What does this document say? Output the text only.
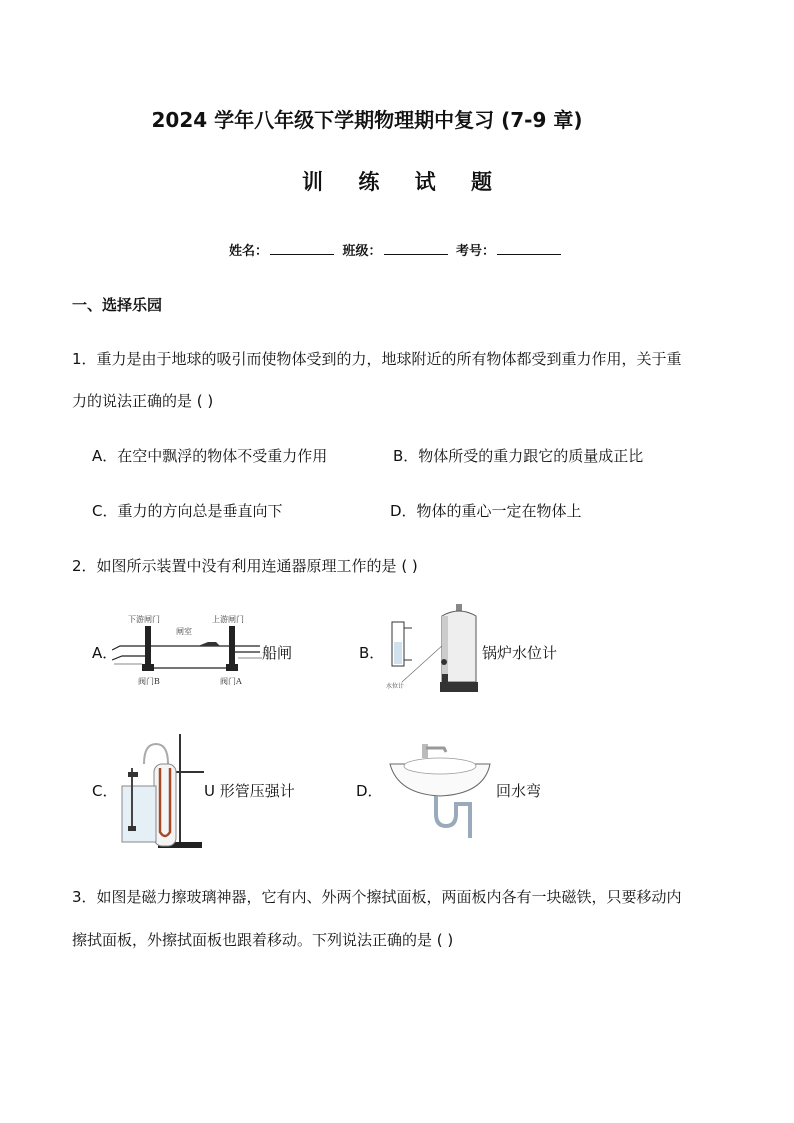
2024 学年八年级下学期物理期中复习 (7-9 章)
训 练 试 题
姓名：	班级：	考号：
一、选择乐园
1．重力是由于地球的吸引而使物体受到的力，地球附近的所有物体都受到重力作用，关于重
力的说法正确的是 ( )
A．在空中飘浮的物体不受重力作用	B．物体所受的重力跟它的质量成正比
C．重力的方向总是垂直向下	D．物体的重心一定在物体上
2．如图所示装置中没有利用连通器原理工作的是 ( )
A．
下游闸门	上游闸门
闸室
阀门B	阀门A
船闸	B．
水位计
锅炉水位计
C．	U 形管压强计	D．	回水弯
3．如图是磁力擦玻璃神器，它有内、外两个擦拭面板，两面板内各有一块磁铁，只要移动内
擦拭面板，外擦拭面板也跟着移动。下列说法正确的是 ( )
